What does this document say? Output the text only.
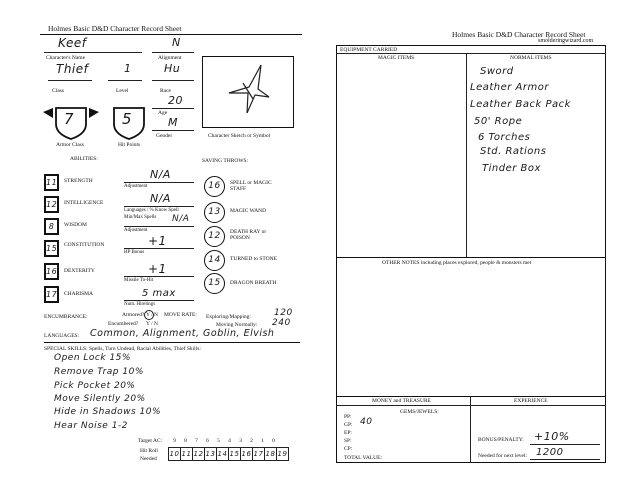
Holmes Basic D&D Character Record Sheet
Keef	N
Character's Name	Alignment
Thief	1	Hu
Class	Level	Race
20
Age
M
Gender
7
Armor Class
5
Hit Points
Character Sketch or Symbol
ABILITIES:	SAVING THROWS:
11	STRENGTH
12	INTELLIGENCE
8	WISDOM
15	CONSTITUTION
16	DEXTERITY
17	CHARISMA
N/A
Adjustment
N/A
Languages / % Know Spell
Min/Max Spells N/A
Adjustment
+1
HP Bonus
+1
Missile To-Hit
5 max
Num. Hirelings
16	SPELL or MAGIC
STAFF
13	MAGIC WAND
12	DEATH RAY or
POISON
14	TURNED to STONE
15	DRAGON BREATH
ENCUMBRANCE:	Armored? Y / N MOVE RATE:
Encumbered? Y / N
Exploring/Mapping:	120
Moving Normally: 240
LANGUAGES: Common, Alignment, Goblin, Elvish
SPECIAL SKILLS: Spells, Turn Undead, Racial Abilities, Thief Skills:
Open Lock 15%
Remove Trap 10%
Pick Pocket 20%
Move Silently 20%
Hide in Shadows 10%
Hear Noise 1-2
Target AC:	9	8	7	6	5	4	3	2	1	0
Hit Roll
Needed
10 11 12 13 14 15 16 17 18 19
Holmes Basic D&D Character Record Sheet
smolderingwizard.com
EQUIPMENT CARRIED
MAGIC ITEMS	NORMAL ITEMS
Sword
Leather Armor
Leather Back Pack
50' Rope
6 Torches
Std. Rations
Tinder Box
OTHER NOTES including places explored, people & monsters met
MONEY and TREASURE	EXPERIENCE
GEMS/JEWELS:
PP:
GP: 40
EP:
SP:
CP:
TOTAL VALUE:
BONUS/PENALTY: +10%
Needed for next level: 1200
